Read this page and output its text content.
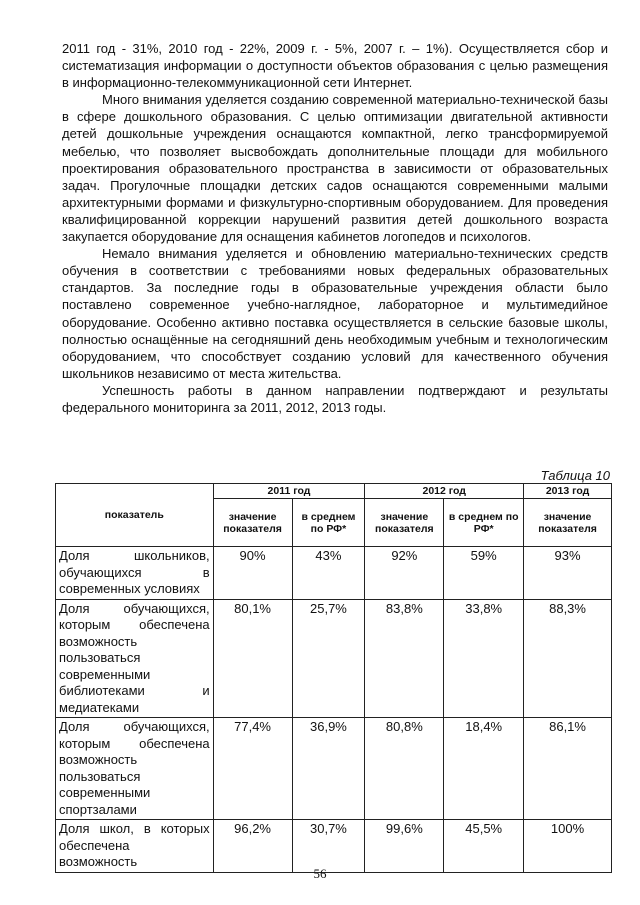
2011 год - 31%, 2010 год - 22%, 2009 г. - 5%, 2007 г. – 1%). Осуществляется сбор и систематизация информации о доступности объектов образования с целью размещения в информационно-телекоммуникационной сети Интернет.

Много внимания уделяется созданию современной материально-технической базы в сфере дошкольного образования. С целью оптимизации двигательной активности детей дошкольные учреждения оснащаются компактной, легко трансформируемой мебелью, что позволяет высвобождать дополнительные площади для мобильного проектирования образовательного пространства в зависимости от образовательных задач. Прогулочные площадки детских садов оснащаются современными малыми архитектурными формами и физкультурно-спортивным оборудованием. Для проведения квалифицированной коррекции нарушений развития детей дошкольного возраста закупается оборудование для оснащения кабинетов логопедов и психологов.

Немало внимания уделяется и обновлению материально-технических средств обучения в соответствии с требованиями новых федеральных образовательных стандартов. За последние годы в образовательные учреждения области было поставлено современное учебно-наглядное, лабораторное и мультимедийное оборудование. Особенно активно поставка осуществляется в сельские базовые школы, полностью оснащённые на сегодняшний день необходимым учебным и технологическим оборудованием, что способствует созданию условий для качественного обучения школьников независимо от места жительства.

Успешность работы в данном направлении подтверждают и результаты федерального мониторинга за 2011, 2012, 2013 годы.

Таблица 10
показатель	2011 год		2012 год		2013 год
	значение показателя	в среднем по РФ*	значение показателя	в среднем по РФ*	значение показателя
Доля школьников, обучающихся в современных условиях	90%	43%	92%	59%	93%
Доля обучающихся, которым обеспечена возможность пользоваться современными библиотеками и медиатеками	80,1%	25,7%	83,8%	33,8%	88,3%
Доля обучающихся, которым обеспечена возможность пользоваться современными спортзалами	77,4%	36,9%	80,8%	18,4%	86,1%
Доля школ, в которых обеспечена возможность	96,2%	30,7%	99,6%	45,5%	100%
56
